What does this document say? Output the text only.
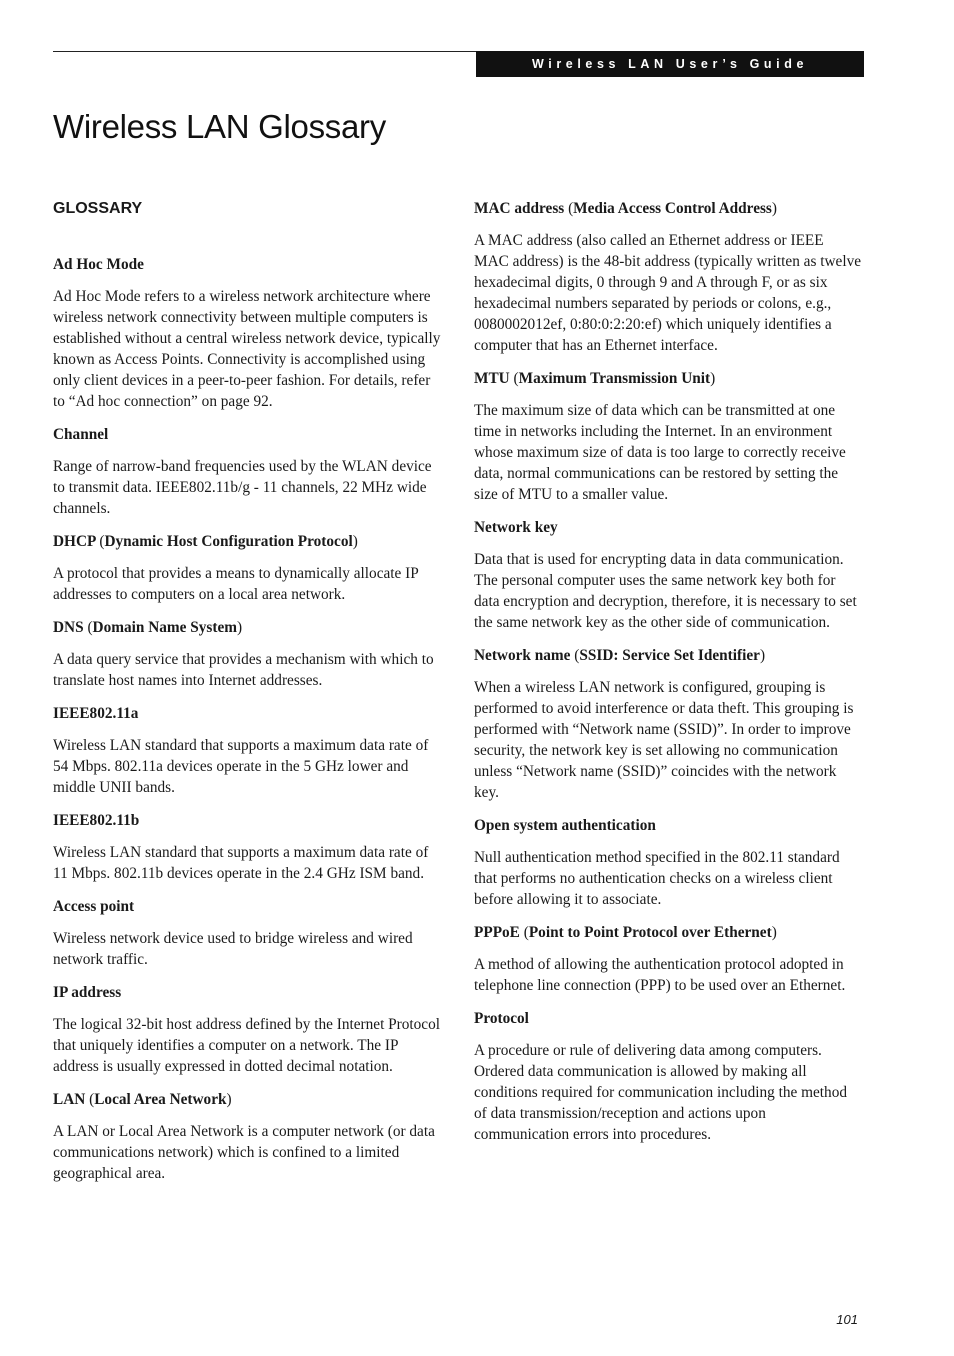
Wireless LAN User’s Guide
Wireless LAN Glossary
GLOSSARY
Ad Hoc Mode
Ad Hoc Mode refers to a wireless network architecture where wireless network connectivity between multiple computers is established without a central wireless network device, typically known as Access Points. Connectivity is accomplished using only client devices in a peer-to-peer fashion. For details, refer to “Ad hoc connection” on page 92.
Channel
Range of narrow-band frequencies used by the WLAN device to transmit data. IEEE802.11b/g - 11 channels, 22 MHz wide channels.
DHCP (Dynamic Host Configuration Protocol)
A protocol that provides a means to dynamically allocate IP addresses to computers on a local area network.
DNS (Domain Name System)
A data query service that provides a mechanism with which to translate host names into Internet addresses.
IEEE802.11a
Wireless LAN standard that supports a maximum data rate of 54 Mbps. 802.11a devices operate in the 5 GHz lower and middle UNII bands.
IEEE802.11b
Wireless LAN standard that supports a maximum data rate of 11 Mbps. 802.11b devices operate in the 2.4 GHz ISM band.
Access point
Wireless network device used to bridge wireless and wired network traffic.
IP address
The logical 32-bit host address defined by the Internet Protocol that uniquely identifies a computer on a network. The IP address is usually expressed in dotted decimal notation.
LAN (Local Area Network)
A LAN or Local Area Network is a computer network (or data communications network) which is confined to a limited geographical area.
MAC address (Media Access Control Address)
A MAC address (also called an Ethernet address or IEEE MAC address) is the 48-bit address (typically written as twelve hexadecimal digits, 0 through 9 and A through F, or as six hexadecimal numbers separated by periods or colons, e.g., 0080002012ef, 0:80:0:2:20:ef) which uniquely identifies a computer that has an Ethernet interface.
MTU (Maximum Transmission Unit)
The maximum size of data which can be transmitted at one time in networks including the Internet. In an environment whose maximum size of data is too large to correctly receive data, normal communications can be restored by setting the size of MTU to a smaller value.
Network key
Data that is used for encrypting data in data communication. The personal computer uses the same network key both for data encryption and decryption, therefore, it is necessary to set the same network key as the other side of communication.
Network name (SSID: Service Set Identifier)
When a wireless LAN network is configured, grouping is performed to avoid interference or data theft. This grouping is performed with “Network name (SSID)”. In order to improve security, the network key is set allowing no communication unless “Network name (SSID)” coincides with the network key.
Open system authentication
Null authentication method specified in the 802.11 standard that performs no authentication checks on a wireless client before allowing it to associate.
PPPoE (Point to Point Protocol over Ethernet)
A method of allowing the authentication protocol adopted in telephone line connection (PPP) to be used over an Ethernet.
Protocol
A procedure or rule of delivering data among computers. Ordered data communication is allowed by making all conditions required for communication including the method of data transmission/reception and actions upon communication errors into procedures.
101
